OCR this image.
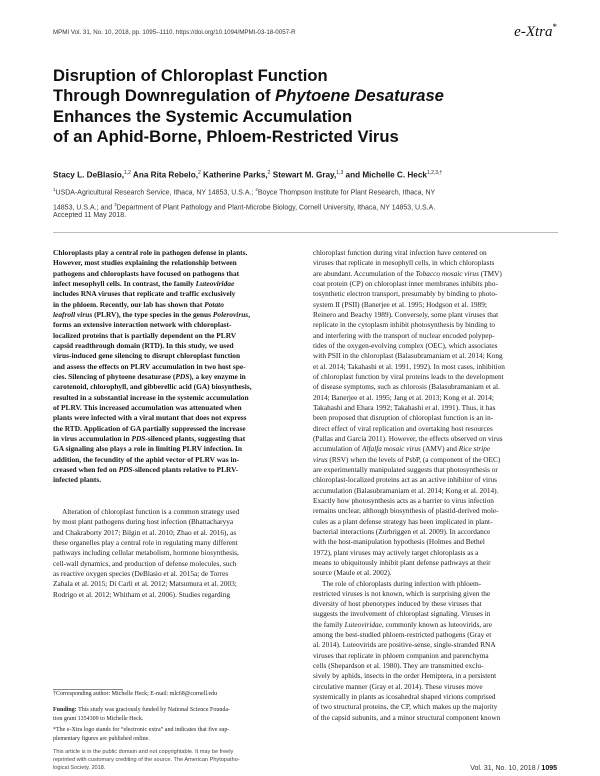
MPMI Vol. 31, No. 10, 2018, pp. 1095–1110. https://doi.org/10.1094/MPMI-03-18-0057-R	e-Xtra*
Disruption of Chloroplast Function
Through Downregulation of Phytoene Desaturase
Enhances the Systemic Accumulation
of an Aphid-Borne, Phloem-Restricted Virus
Stacy L. DeBlasio,$^{1,2}$ Ana Rita Rebelo,$^2$ Katherine Parks,$^2$ Stewart M. Gray,$^{1,3}$ and Michelle C. Heck$^{1,2,3,\dagger}$
$^1$USDA-Agricultural Research Service, Ithaca, NY 14853, U.S.A.; $^2$Boyce Thompson Institute for Plant Research, Ithaca, NY
14853, U.S.A.; and $^3$Department of Plant Pathology and Plant-Microbe Biology, Cornell University, Ithaca, NY 14853, U.S.A.
Accepted 11 May 2018.
Chloroplasts play a central role in pathogen defense in plants.
However, most studies explaining the relationship between
pathogens and chloroplasts have focused on pathogens that
infect mesophyll cells. In contrast, the family Luteoviridae
includes RNA viruses that replicate and traffic exclusively
in the phloem. Recently, our lab has shown that Potato
leafroll virus (PLRV), the type species in the genus Polerovirus,
forms an extensive interaction network with chloroplast-
localized proteins that is partially dependent on the PLRV
capsid readthrough domain (RTD). In this study, we used
virus-induced gene silencing to disrupt chloroplast function
and assess the effects on PLRV accumulation in two host spe-
cies. Silencing of phytoene desaturase (PDS), a key enzyme in
carotenoid, chlorophyll, and gibberellic acid (GA) biosynthesis,
resulted in a substantial increase in the systemic accumulation
of PLRV. This increased accumulation was attenuated when
plants were infected with a viral mutant that does not express
the RTD. Application of GA partially suppressed the increase
in virus accumulation in PDS-silenced plants, suggesting that
GA signaling also plays a role in limiting PLRV infection. In
addition, the fecundity of the aphid vector of PLRV was in-
creased when fed on PDS-silenced plants relative to PLRV-
infected plants.
Alteration of chloroplast function is a common strategy used
by most plant pathogens during host infection (Bhattacharyya
and Chakraborty 2017; Bilgin et al. 2010; Zhao et al. 2016), as
these organelles play a central role in regulating many different
pathways including cellular metabolism, hormone biosynthesis,
cell-wall dynamics, and production of defense molecules, such
as reactive oxygen species (DeBlasio et al. 2015a; de Torres
Zabala et al. 2015; Di Carli et al. 2012; Matsumura et al. 2003;
Rodrigo et al. 2012; Whitham et al. 2006). Studies regarding
†Corresponding author: Michelle Heck; E-mail: mlc68@cornell.edu
Funding: This study was graciously funded by National Science Founda-
tion grant 1354309 to Michelle Heck.
*The e-Xtra logo stands for “electronic extra” and indicates that five sup-
plementary figures are published online.
This article is in the public domain and not copyrightable. It may be freely
reprinted with customary crediting of the source. The American Phytopatho-
logical Society, 2018.
chloroplast function during viral infection have centered on
viruses that replicate in mesophyll cells, in which chloroplasts
are abundant. Accumulation of the Tobacco mosaic virus (TMV)
coat protein (CP) on chloroplast inner membranes inhibits pho-
tosynthetic electron transport, presumably by binding to photo-
system II (PSII) (Banerjee et al. 1995; Hodgson et al. 1989;
Reinero and Beachy 1989). Conversely, some plant viruses that
replicate in the cytoplasm inhibit photosynthesis by binding to
and interfering with the transport of nuclear encoded polypep-
tides of the oxygen-evolving complex (OEC), which associates
with PSII in the chloroplast (Balasubramaniam et al. 2014; Kong
et al. 2014; Takahashi et al. 1991, 1992). In most cases, inhibition
of chloroplast function by viral proteins leads to the development
of disease symptoms, such as chlorosis (Balasubramaniam et al.
2014; Banerjee et al. 1995; Jang et al. 2013; Kong et al. 2014;
Takahashi and Ehara 1992; Takahashi et al. 1991). Thus, it has
been proposed that disruption of chloroplast function is an in-
direct effect of viral replication and overtaking host resources
(Pallas and García 2011). However, the effects observed on virus
accumulation of Alfalfa mosaic virus (AMV) and Rice stripe
virus (RSV) when the levels of PsbP, (a component of the OEC)
are experimentally manipulated suggests that photosynthesis or
chloroplast-localized proteins act as an active inhibitor of virus
accumulation (Balasubramaniam et al. 2014; Kong et al. 2014).
Exactly how photosynthesis acts as a barrier to virus infection
remains unclear, although biosynthesis of plastid-derived mole-
cules as a plant defense strategy has been implicated in plant-
bacterial interactions (Zurbriggen et al. 2009). In accordance
with the host-manipulation hypothesis (Holmes and Bethel
1972), plant viruses may actively target chloroplasts as a
means to ubiquitously inhibit plant defense pathways at their
source (Maule et al. 2002).
The role of chloroplasts during infection with phloem-
restricted viruses is not known, which is surprising given the
diversity of host phenotypes induced by these viruses that
suggests the involvement of chloroplast signaling. Viruses in
the family Luteoviridae, commonly known as luteovirids, are
among the best-studied phloem-restricted pathogens (Gray et
al. 2014). Luteovirids are positive-sense, single-stranded RNA
viruses that replicate in phloem companion and parenchyma
cells (Shepardson et al. 1980). They are transmitted exclu-
sively by aphids, insects in the order Hemiptera, in a persistent
circulative manner (Gray et al. 2014). These viruses move
systemically in plants as icosahedral shaped virions comprised
of two structural proteins, the CP, which makes up the majority
of the capsid subunits, and a minor structural component known
Vol. 31, No. 10, 2018 / 1095
